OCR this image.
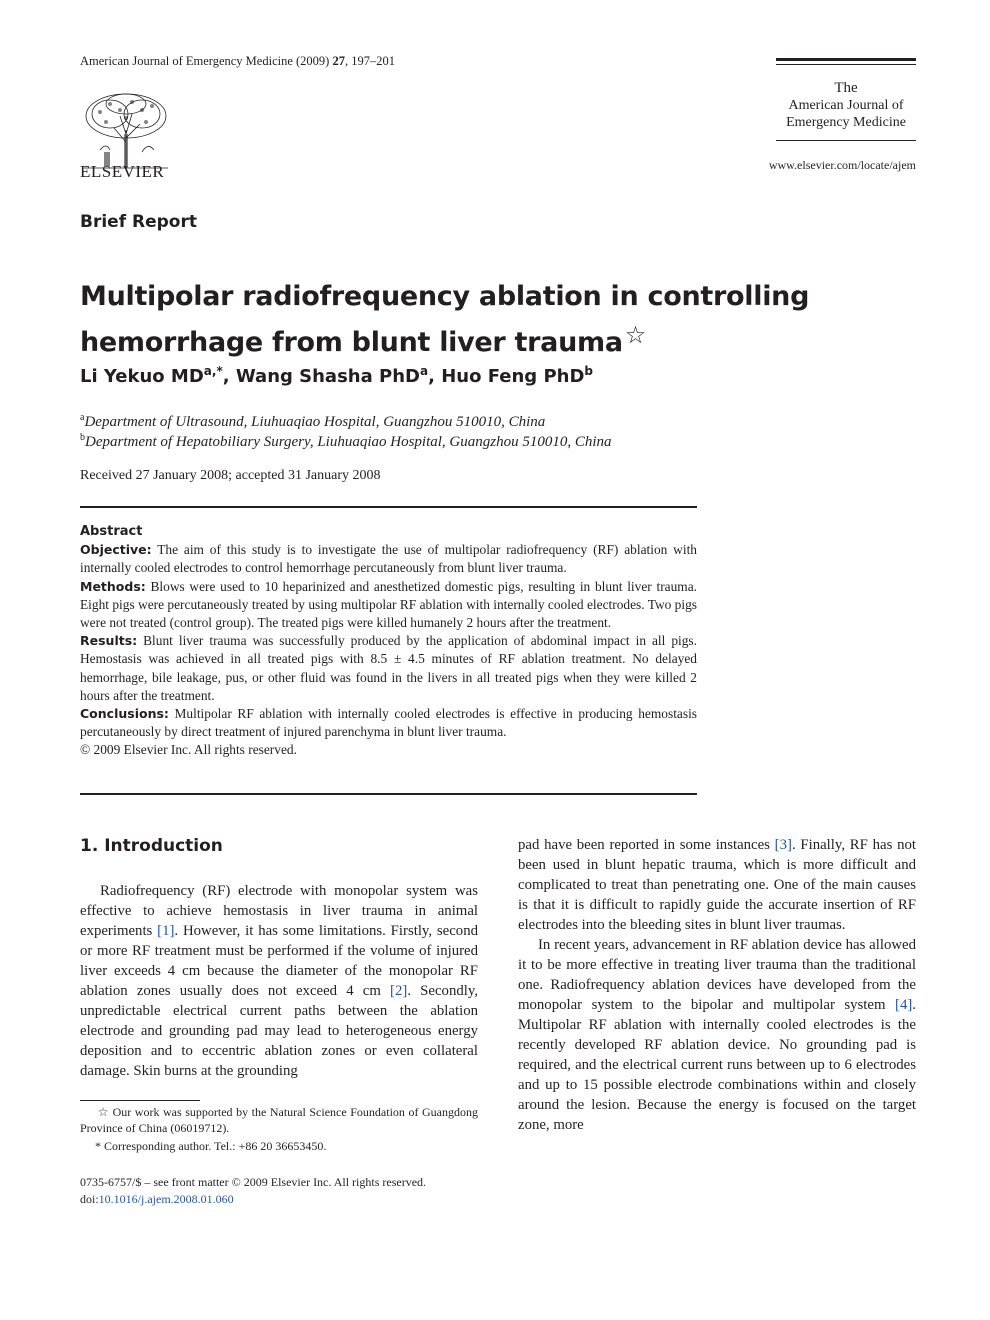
American Journal of Emergency Medicine (2009) 27, 197–201
ELSEVIER
The
American Journal of
Emergency Medicine
www.elsevier.com/locate/ajem
Brief Report
Multipolar radiofrequency ablation in controlling
hemorrhage from blunt liver trauma☆
Li Yekuo $MD^{a,*}$, Wang Shasha PhD$^a$, Huo Feng PhD$^b$
$^a$Department of Ultrasound, Liuhuaqiao Hospital, Guangzhou 510010, China
$^b$Department of Hepatobiliary Surgery, Liuhuaqiao Hospital, Guangzhou 510010, China
Received 27 January 2008; accepted 31 January 2008
Abstract

Objective: The aim of this study is to investigate the use of multipolar radiofrequency (RF) ablation with internally cooled electrodes to control hemorrhage percutaneously from blunt liver trauma.

Methods: Blows were used to 10 heparinized and anesthetized domestic pigs, resulting in blunt liver trauma. Eight pigs were percutaneously treated by using multipolar RF ablation with internally cooled electrodes. Two pigs were not treated (control group). The treated pigs were killed humanely 2 hours after the treatment.

Results: Blunt liver trauma was successfully produced by the application of abdominal impact in all pigs. Hemostasis was achieved in all treated pigs with 8.5 ± 4.5 minutes of RF ablation treatment. No delayed hemorrhage, bile leakage, pus, or other fluid was found in the livers in all treated pigs when they were killed 2 hours after the treatment.

Conclusions: Multipolar RF ablation with internally cooled electrodes is effective in producing hemostasis percutaneously by direct treatment of injured parenchyma in blunt liver trauma.

© 2009 Elsevier Inc. All rights reserved.

1. Introduction

Radiofrequency (RF) electrode with monopolar system was effective to achieve hemostasis in liver trauma in animal experiments [1]. However, it has some limitations. Firstly, second or more RF treatment must be performed if the volume of injured liver exceeds 4 cm because the diameter of the monopolar RF ablation zones usually does not exceed 4 cm [2]. Secondly, unpredictable electrical current paths between the ablation electrode and grounding pad may lead to heterogeneous energy deposition and to eccentric ablation zones or even collateral damage. Skin burns at the grounding

pad have been reported in some instances [3]. Finally, RF has not been used in blunt hepatic trauma, which is more difficult and complicated to treat than penetrating one. One of the main causes is that it is difficult to rapidly guide the accurate insertion of RF electrodes into the bleeding sites in blunt liver traumas.

In recent years, advancement in RF ablation device has allowed it to be more effective in treating liver trauma than the traditional one. Radiofrequency ablation devices have developed from the monopolar system to the bipolar and multipolar system [4]. Multipolar RF ablation with internally cooled electrodes is the recently developed RF ablation device. No grounding pad is required, and the electrical current runs between up to 6 electrodes and up to 15 possible electrode combinations within and closely around the lesion. Because the energy is focused on the target zone, more

☆ Our work was supported by the Natural Science Foundation of Guangdong Province of China (06019712).
* Corresponding author. Tel.: +86 20 36653450.
0735-6757/$ – see front matter © 2009 Elsevier Inc. All rights reserved.
doi:10.1016/j.ajem.2008.01.060
